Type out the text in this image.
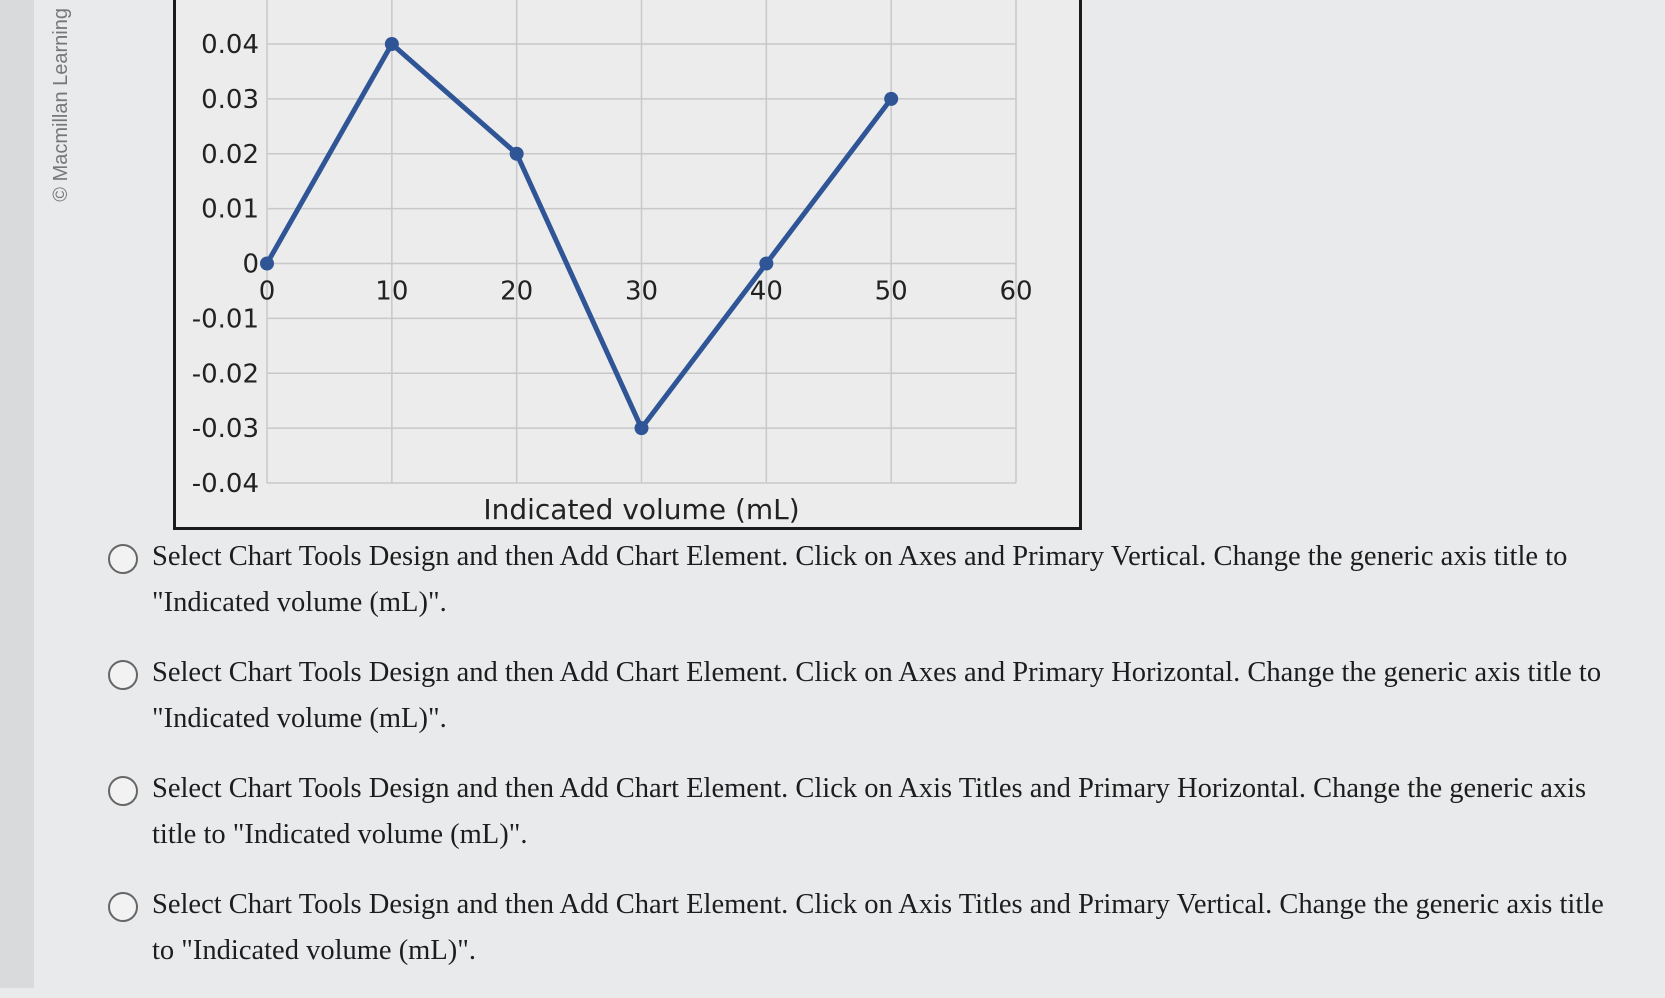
© Macmillan Learning	0.04
0.03
0.02
0.01
0
-0.01
-0.02
-0.03
-0.04
0	10	20	30	40	50	60
Indicated volume (mL)
Select Chart Tools Design and then Add Chart Element. Click on Axes and Primary Vertical. Change the generic axis title to "Indicated volume (mL)".
Select Chart Tools Design and then Add Chart Element. Click on Axes and Primary Horizontal. Change the generic axis title to "Indicated volume (mL)".
Select Chart Tools Design and then Add Chart Element. Click on Axis Titles and Primary Horizontal. Change the generic axis title to "Indicated volume (mL)".
Select Chart Tools Design and then Add Chart Element. Click on Axis Titles and Primary Vertical. Change the generic axis title to "Indicated volume (mL)".
